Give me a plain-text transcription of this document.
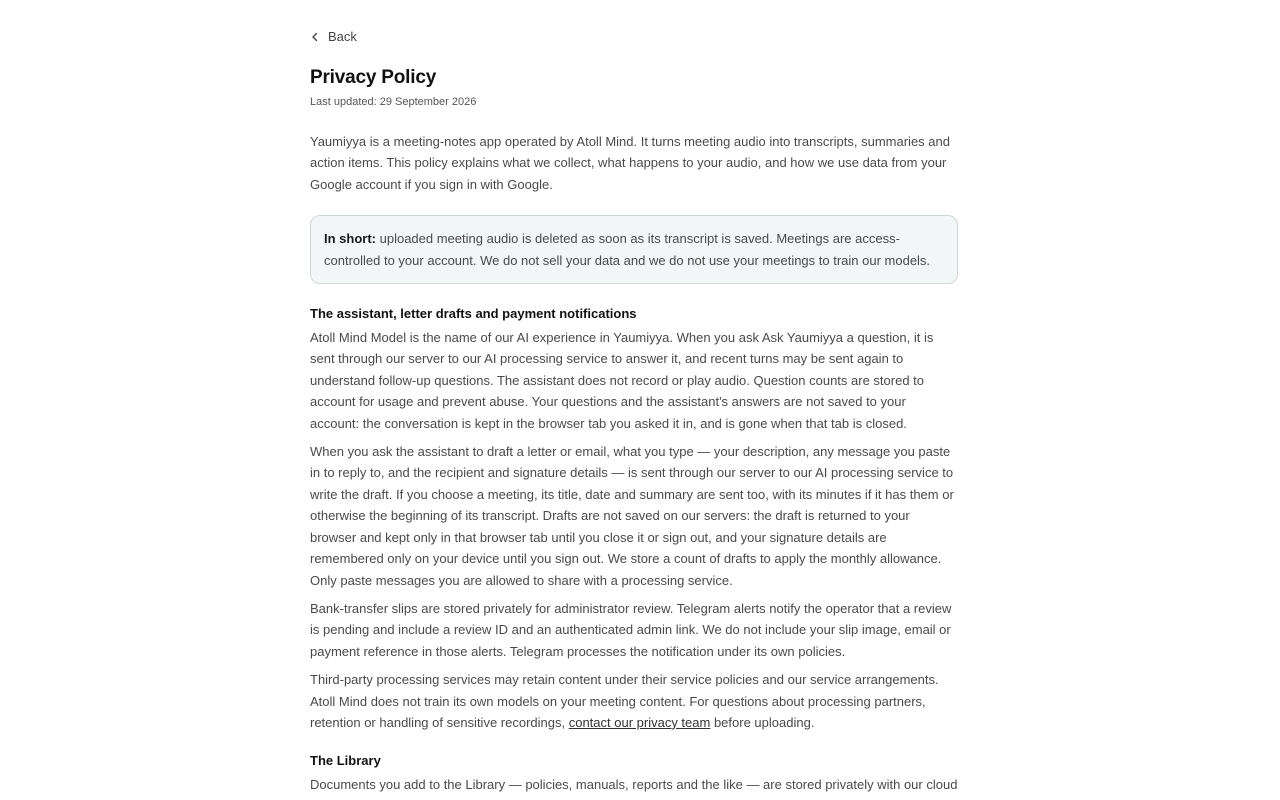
Back
Privacy Policy
Last updated: 29 September 2026

Yaumiyya is a meeting-notes app operated by Atoll Mind. It turns meeting audio into transcripts, summaries and action items. This policy explains what we collect, what happens to your audio, and how we use data from your Google account if you sign in with Google.

In short: uploaded meeting audio is deleted as soon as its transcript is saved. Meetings are access-controlled to your account. We do not sell your data and we do not use your meetings to train our models.

The assistant, letter drafts and payment notifications

Atoll Mind Model is the name of our AI experience in Yaumiyya. When you ask Ask Yaumiyya a question, it is sent through our server to our AI processing service to answer it, and recent turns may be sent again to understand follow-up questions. The assistant does not record or play audio. Question counts are stored to account for usage and prevent abuse. Your questions and the assistant's answers are not saved to your account: the conversation is kept in the browser tab you asked it in, and is gone when that tab is closed.

When you ask the assistant to draft a letter or email, what you type — your description, any message you paste in to reply to, and the recipient and signature details — is sent through our server to our AI processing service to write the draft. If you choose a meeting, its title, date and summary are sent too, with its minutes if it has them or otherwise the beginning of its transcript. Drafts are not saved on our servers: the draft is returned to your browser and kept only in that browser tab until you close it or sign out, and your signature details are remembered only on your device until you sign out. We store a count of drafts to apply the monthly allowance. Only paste messages you are allowed to share with a processing service.

Bank-transfer slips are stored privately for administrator review. Telegram alerts notify the operator that a review is pending and include a review ID and an authenticated admin link. We do not include your slip image, email or payment reference in those alerts. Telegram processes the notification under its own policies.

Third-party processing services may retain content under their service policies and our service arrangements. Atoll Mind does not train its own models on your meeting content. For questions about processing partners, retention or handling of sensitive recordings, contact our privacy team before uploading.

The Library

Documents you add to the Library — policies, manuals, reports and the like — are stored privately with our cloud
